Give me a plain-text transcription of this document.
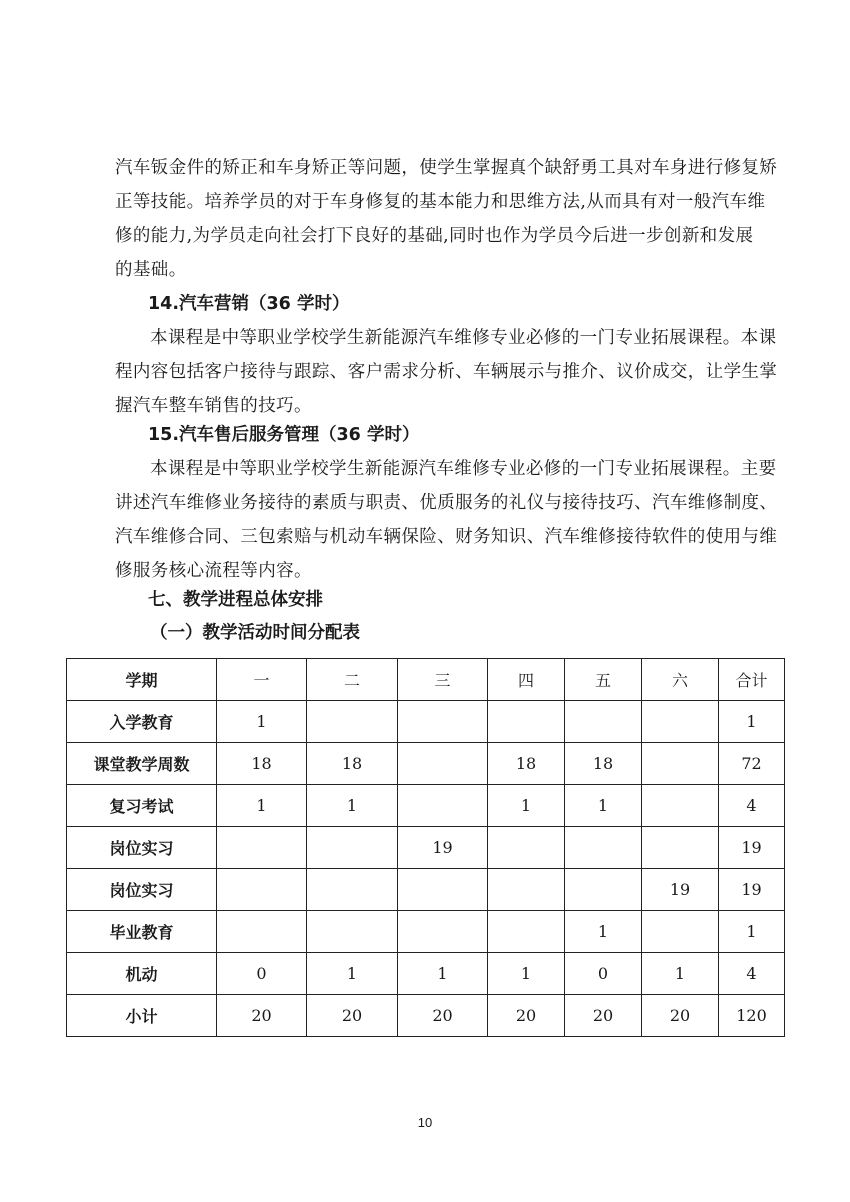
汽车钣金件的矫正和车身矫正等问题，使学生掌握真个缺舒勇工具对车身进行修复矫
正等技能。培养学员的对于车身修复的基本能力和思维方法,从而具有对一般汽车维
修的能力,为学员走向社会打下良好的基础,同时也作为学员今后进一步创新和发展
的基础。

14.汽车营销（36 学时）

本课程是中等职业学校学生新能源汽车维修专业必修的一门专业拓展课程。本课
程内容包括客户接待与跟踪、客户需求分析、车辆展示与推介、议价成交，让学生掌
握汽车整车销售的技巧。

15.汽车售后服务管理（36 学时）

本课程是中等职业学校学生新能源汽车维修专业必修的一门专业拓展课程。主要
讲述汽车维修业务接待的素质与职责、优质服务的礼仪与接待技巧、汽车维修制度、
汽车维修合同、三包索赔与机动车辆保险、财务知识、汽车维修接待软件的使用与维
修服务核心流程等内容。

七、教学进程总体安排

（一）教学活动时间分配表

学期	一	二	三	四	五	六	合计
入学教育	1						1
课堂教学周数	18	18		18	18		72
复习考试	1	1		1	1		4
岗位实习			19				19
岗位实习						19	19
毕业教育					1		1
机动	0	1	1	1	0	1	4
小计	20	20	20	20	20	20	120
10
